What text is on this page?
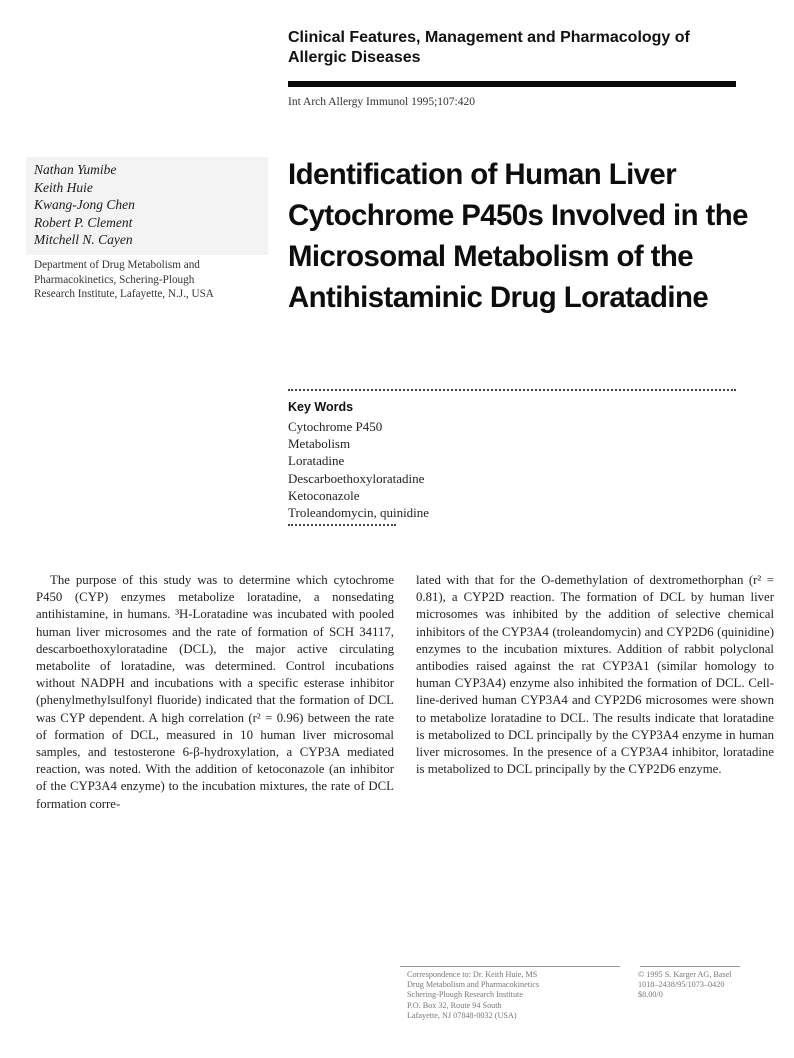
Clinical Features, Management and Pharmacology of
Allergic Diseases
Int Arch Allergy Immunol 1995;107:420
Nathan Yumibe
Keith Huie
Kwang-Jong Chen
Robert P. Clement
Mitchell N. Cayen
Department of Drug Metabolism and
Pharmacokinetics, Schering-Plough
Research Institute, Lafayette, N.J., USA
Identification of Human Liver
Cytochrome P450s Involved in the
Microsomal Metabolism of the
Antihistaminic Drug Loratadine
Key Words
Cytochrome P450
Metabolism
Loratadine
Descarboethoxyloratadine
Ketoconazole
Troleandomycin, quinidine
The purpose of this study was to determine which cytochrome P450 (CYP) enzymes metabolize loratadine, a nonsedating antihistamine, in humans. ³H-Loratadine was incubated with pooled human liver microsomes and the rate of formation of SCH 34117, descarboethoxyloratadine (DCL), the major active circulating metabolite of loratadine, was determined. Control incubations without NADPH and incubations with a specific esterase inhibitor (phenylmethylsulfonyl fluoride) indicated that the formation of DCL was CYP dependent. A high correlation (r² = 0.96) between the rate of formation of DCL, measured in 10 human liver microsomal samples, and testosterone 6-β-hydroxylation, a CYP3A mediated reaction, was noted. With the addition of ketoconazole (an inhibitor of the CYP3A4 enzyme) to the incubation mixtures, the rate of DCL formation corre-
lated with that for the O-demethylation of dextromethorphan (r² = 0.81), a CYP2D reaction. The formation of DCL by human liver microsomes was inhibited by the addition of selective chemical inhibitors of the CYP3A4 (troleandomycin) and CYP2D6 (quinidine) enzymes to the incubation mixtures. Addition of rabbit polyclonal antibodies raised against the rat CYP3A1 (similar homology to human CYP3A4) enzyme also inhibited the formation of DCL. Cell-line-derived human CYP3A4 and CYP2D6 microsomes were shown to metabolize loratadine to DCL. The results indicate that loratadine is metabolized to DCL principally by the CYP3A4 enzyme in human liver microsomes. In the presence of a CYP3A4 inhibitor, loratadine is metabolized to DCL principally by the CYP2D6 enzyme.
Correspondence to: Dr. Keith Huie, MS
Drug Metabolism and Pharmacokinetics
Schering-Plough Research Institute
P.O. Box 32, Route 94 South
Lafayette, NJ 07848-0032 (USA)
© 1995 S. Karger AG, Basel
1018–2438/95/1073–0420
$8.00/0
